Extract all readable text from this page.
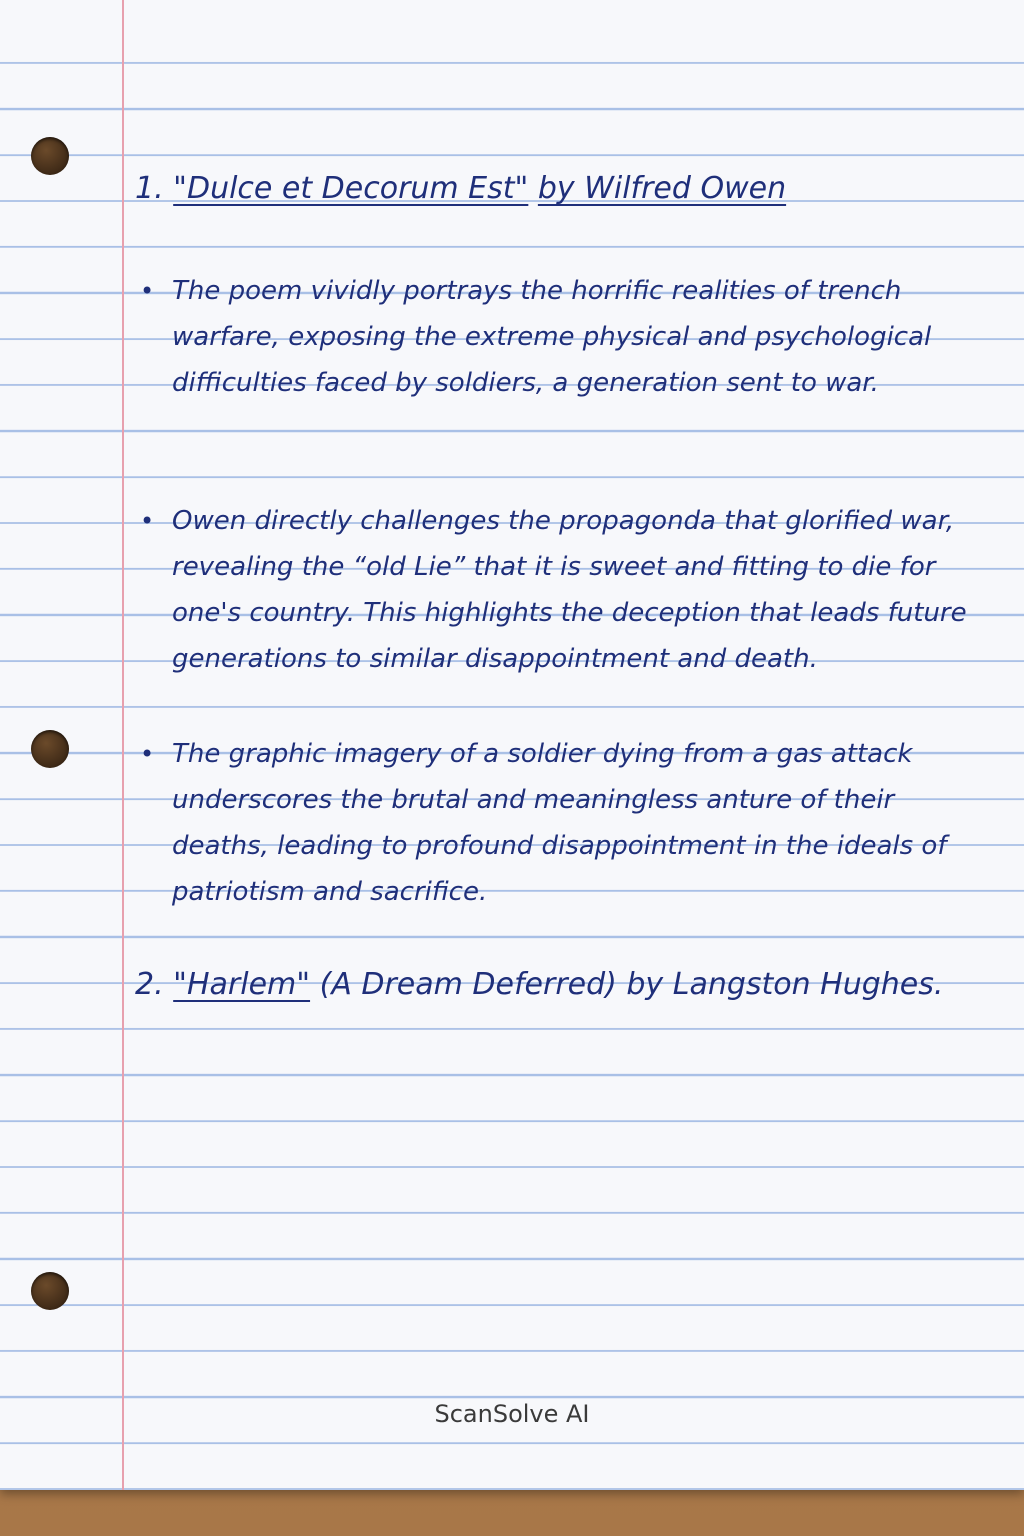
1. "Dulce et Decorum Est" by Wilfred Owen
• The poem vividly portrays the horrific realities of trench warfare, exposing the extreme physical and psychological difficulties faced by soldiers, a generation sent to war.

• Owen directly challenges the propagonda that glorified war, revealing the “old Lie” that it is sweet and fitting to die for one's country. This highlights the deception that leads future generations to similar disappointment and death.

• The graphic imagery of a soldier dying from a gas attack underscores the brutal and meaningless anture of their deaths, leading to profound disappointment in the ideals of patriotism and sacrifice.

2. "Harlem" (A Dream Deferred) by Langston Hughes.
ScanSolve AI
